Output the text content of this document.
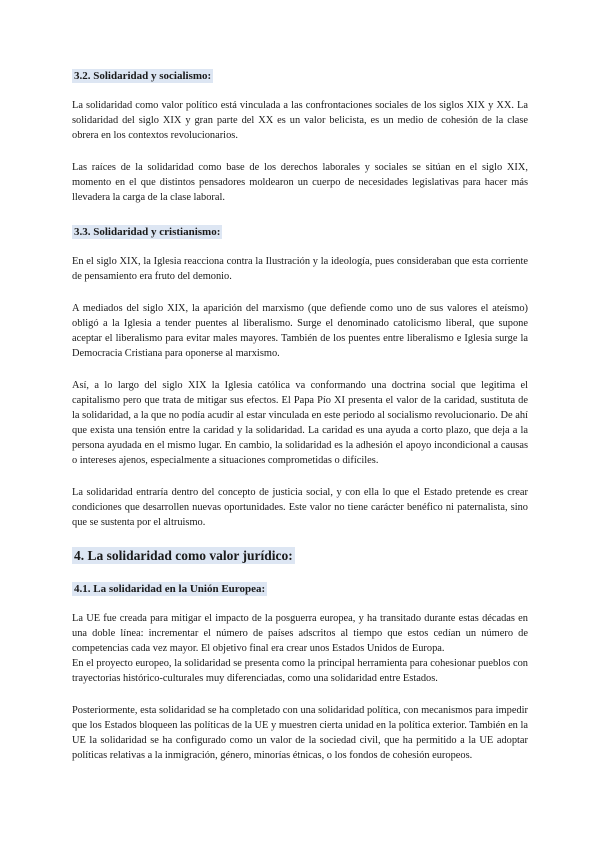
3.2. Solidaridad y socialismo:

La solidaridad como valor político está vinculada a las confrontaciones sociales de los siglos XIX y XX. La solidaridad del siglo XIX y gran parte del XX es un valor belicista, es un medio de cohesión de la clase obrera en los contextos revolucionarios.

Las raíces de la solidaridad como base de los derechos laborales y sociales se sitúan en el siglo XIX, momento en el que distintos pensadores moldearon un cuerpo de necesidades legislativas para hacer más llevadera la carga de la clase laboral.

3.3. Solidaridad y cristianismo:

En el siglo XIX, la Iglesia reacciona contra la Ilustración y la ideología, pues consideraban que esta corriente de pensamiento era fruto del demonio.

A mediados del siglo XIX, la aparición del marxismo (que defiende como uno de sus valores el ateísmo) obligó a la Iglesia a tender puentes al liberalismo. Surge el denominado catolicismo liberal, que supone aceptar el liberalismo para evitar males mayores. También de los puentes entre liberalismo e Iglesia surge la Democracia Cristiana para oponerse al marxismo.

Así, a lo largo del siglo XIX la Iglesia católica va conformando una doctrina social que legitima el capitalismo pero que trata de mitigar sus efectos. El Papa Pío XI presenta el valor de la caridad, sustituta de la solidaridad, a la que no podía acudir al estar vinculada en este periodo al socialismo revolucionario. De ahí que exista una tensión entre la caridad y la solidaridad. La caridad es una ayuda a corto plazo, que deja a la persona ayudada en el mismo lugar. En cambio, la solidaridad es la adhesión el apoyo incondicional a causas o intereses ajenos, especialmente a situaciones comprometidas o difíciles.

La solidaridad entraría dentro del concepto de justicia social, y con ella lo que el Estado pretende es crear condiciones que desarrollen nuevas oportunidades. Este valor no tiene carácter benéfico ni paternalista, sino que se sustenta por el altruismo.

4. La solidaridad como valor jurídico:
4.1. La solidaridad en la Unión Europea:

La UE fue creada para mitigar el impacto de la posguerra europea, y ha transitado durante estas décadas en una doble línea: incrementar el número de países adscritos al tiempo que estos cedían un número de competencias cada vez mayor. El objetivo final era crear unos Estados Unidos de Europa.

En el proyecto europeo, la solidaridad se presenta como la principal herramienta para cohesionar pueblos con trayectorias histórico-culturales muy diferenciadas, como una solidaridad entre Estados.

Posteriormente, esta solidaridad se ha completado con una solidaridad política, con mecanismos para impedir que los Estados bloqueen las políticas de la UE y muestren cierta unidad en la política exterior. También en la UE la solidaridad se ha configurado como un valor de la sociedad civil, que ha permitido a la UE adoptar políticas relativas a la inmigración, género, minorías étnicas, o los fondos de cohesión europeos.
